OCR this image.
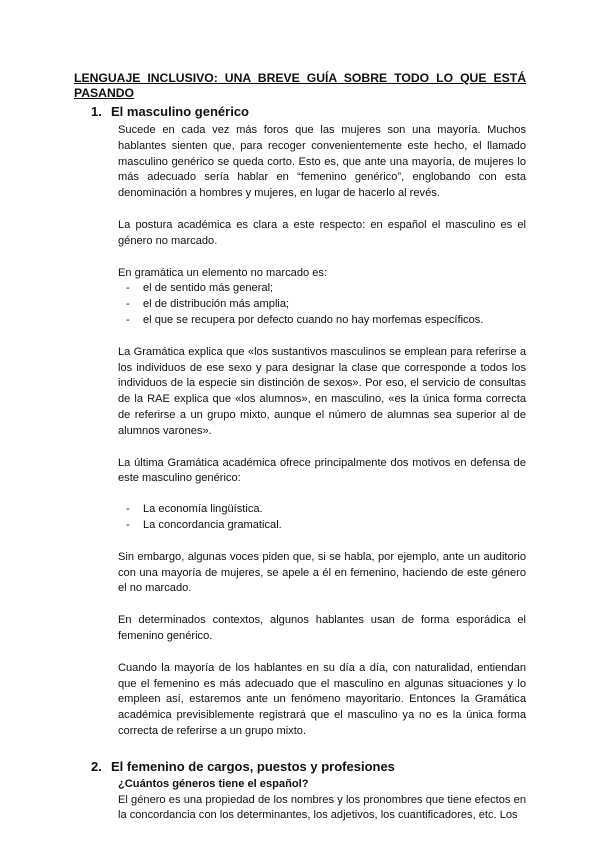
LENGUAJE INCLUSIVO: UNA BREVE GUÍA SOBRE TODO LO QUE ESTÁ PASANDO
1. El masculino genérico

Sucede en cada vez más foros que las mujeres son una mayoría. Muchos hablantes sienten que, para recoger convenientemente este hecho, el llamado masculino genérico se queda corto. Esto es, que ante una mayoría, de mujeres lo más adecuado sería hablar en “femenino genérico”, englobando con esta denominación a hombres y mujeres, en lugar de hacerlo al revés.

La postura académica es clara a este respecto: en español el masculino es el género no marcado.

En gramática un elemento no marcado es:

-	el de sentido más general;
-	el de distribución más amplia;
-	el que se recupera por defecto cuando no hay morfemas específicos.

La Gramática explica que «los sustantivos masculinos se emplean para referirse a los individuos de ese sexo y para designar la clase que corresponde a todos los individuos de la especie sin distinción de sexos». Por eso, el servicio de consultas de la RAE explica que «los alumnos», en masculino, «es la única forma correcta de referirse a un grupo mixto, aunque el número de alumnas sea superior al de alumnos varones».

La última Gramática académica ofrece principalmente dos motivos en defensa de este masculino genérico:

-	La economía lingüística.
-	La concordancia gramatical.

Sin embargo, algunas voces piden que, si se habla, por ejemplo, ante un auditorio con una mayoría de mujeres, se apele a él en femenino, haciendo de este género el no marcado.

En determinados contextos, algunos hablantes usan de forma esporádica el femenino genérico.

Cuando la mayoría de los hablantes en su día a día, con naturalidad, entiendan que el femenino es más adecuado que el masculino en algunas situaciones y lo empleen así, estaremos ante un fenómeno mayoritario. Entonces la Gramática académica previsiblemente registrará que el masculino ya no es la única forma correcta de referirse a un grupo mixto.

2. El femenino de cargos, puestos y profesiones

¿Cuántos géneros tiene el español?

El género es una propiedad de los nombres y los pronombres que tiene efectos en la concordancia con los determinantes, los adjetivos, los cuantificadores, etc. Los
